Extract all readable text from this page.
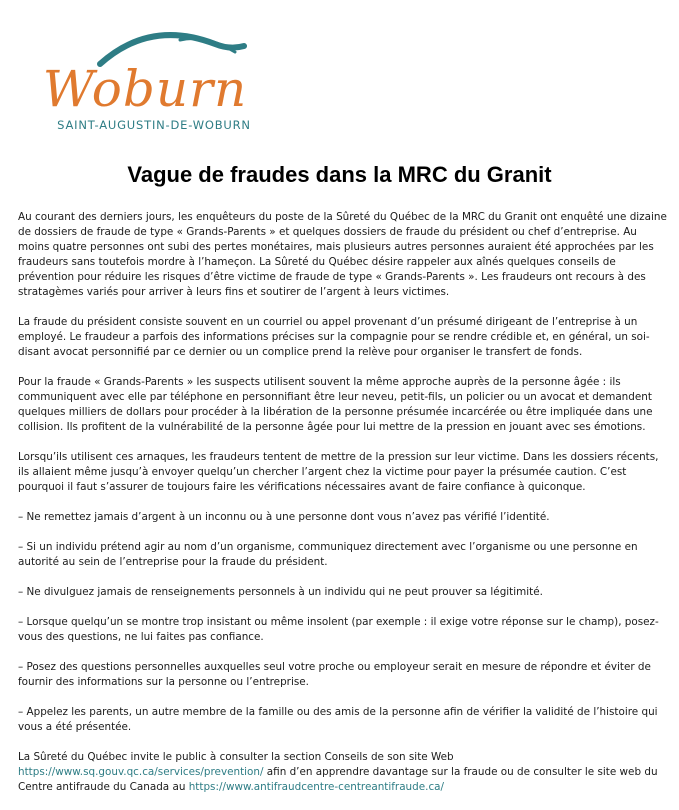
Woburn
SAINT-AUGUSTIN-DE-WOBURN
Vague de fraudes dans la MRC du Granit

Au courant des derniers jours, les enquêteurs du poste de la Sûreté du Québec de la MRC du Granit ont enquêté une dizaine de dossiers de fraude de type « Grands-Parents » et quelques dossiers de fraude du président ou chef d’entreprise. Au moins quatre personnes ont subi des pertes monétaires, mais plusieurs autres personnes auraient été approchées par les fraudeurs sans toutefois mordre à l’hameçon. La Sûreté du Québec désire rappeler aux aînés quelques conseils de prévention pour réduire les risques d’être victime de fraude de type « Grands-Parents ». Les fraudeurs ont recours à des stratagèmes variés pour arriver à leurs fins et soutirer de l’argent à leurs victimes.

La fraude du président consiste souvent en un courriel ou appel provenant d’un présumé dirigeant de l’entreprise à un employé. Le fraudeur a parfois des informations précises sur la compagnie pour se rendre crédible et, en général, un soi-disant avocat personnifié par ce dernier ou un complice prend la relève pour organiser le transfert de fonds.

Pour la fraude « Grands-Parents » les suspects utilisent souvent la même approche auprès de la personne âgée : ils communiquent avec elle par téléphone en personnifiant être leur neveu, petit-fils, un policier ou un avocat et demandent quelques milliers de dollars pour procéder à la libération de la personne présumée incarcérée ou être impliquée dans une collision. Ils profitent de la vulnérabilité de la personne âgée pour lui mettre de la pression en jouant avec ses émotions.

Lorsqu’ils utilisent ces arnaques, les fraudeurs tentent de mettre de la pression sur leur victime. Dans les dossiers récents, ils allaient même jusqu’à envoyer quelqu’un chercher l’argent chez la victime pour payer la présumée caution. C’est pourquoi il faut s’assurer de toujours faire les vérifications nécessaires avant de faire confiance à quiconque.

– Ne remettez jamais d’argent à un inconnu ou à une personne dont vous n’avez pas vérifié l’identité.

– Si un individu prétend agir au nom d’un organisme, communiquez directement avec l’organisme ou une personne en autorité au sein de l’entreprise pour la fraude du président.

– Ne divulguez jamais de renseignements personnels à un individu qui ne peut prouver sa légitimité.

– Lorsque quelqu’un se montre trop insistant ou même insolent (par exemple : il exige votre réponse sur le champ), posez-vous des questions, ne lui faites pas confiance.

– Posez des questions personnelles auxquelles seul votre proche ou employeur serait en mesure de répondre et éviter de fournir des informations sur la personne ou l’entreprise.

– Appelez les parents, un autre membre de la famille ou des amis de la personne afin de vérifier la validité de l’histoire qui vous a été présentée.

La Sûreté du Québec invite le public à consulter la section Conseils de son site Web https://www.sq.gouv.qc.ca/services/prevention/ afin d’en apprendre davantage sur la fraude ou de consulter le site web du Centre antifraude du Canada au https://www.antifraudcentre-centreantifraude.ca/
